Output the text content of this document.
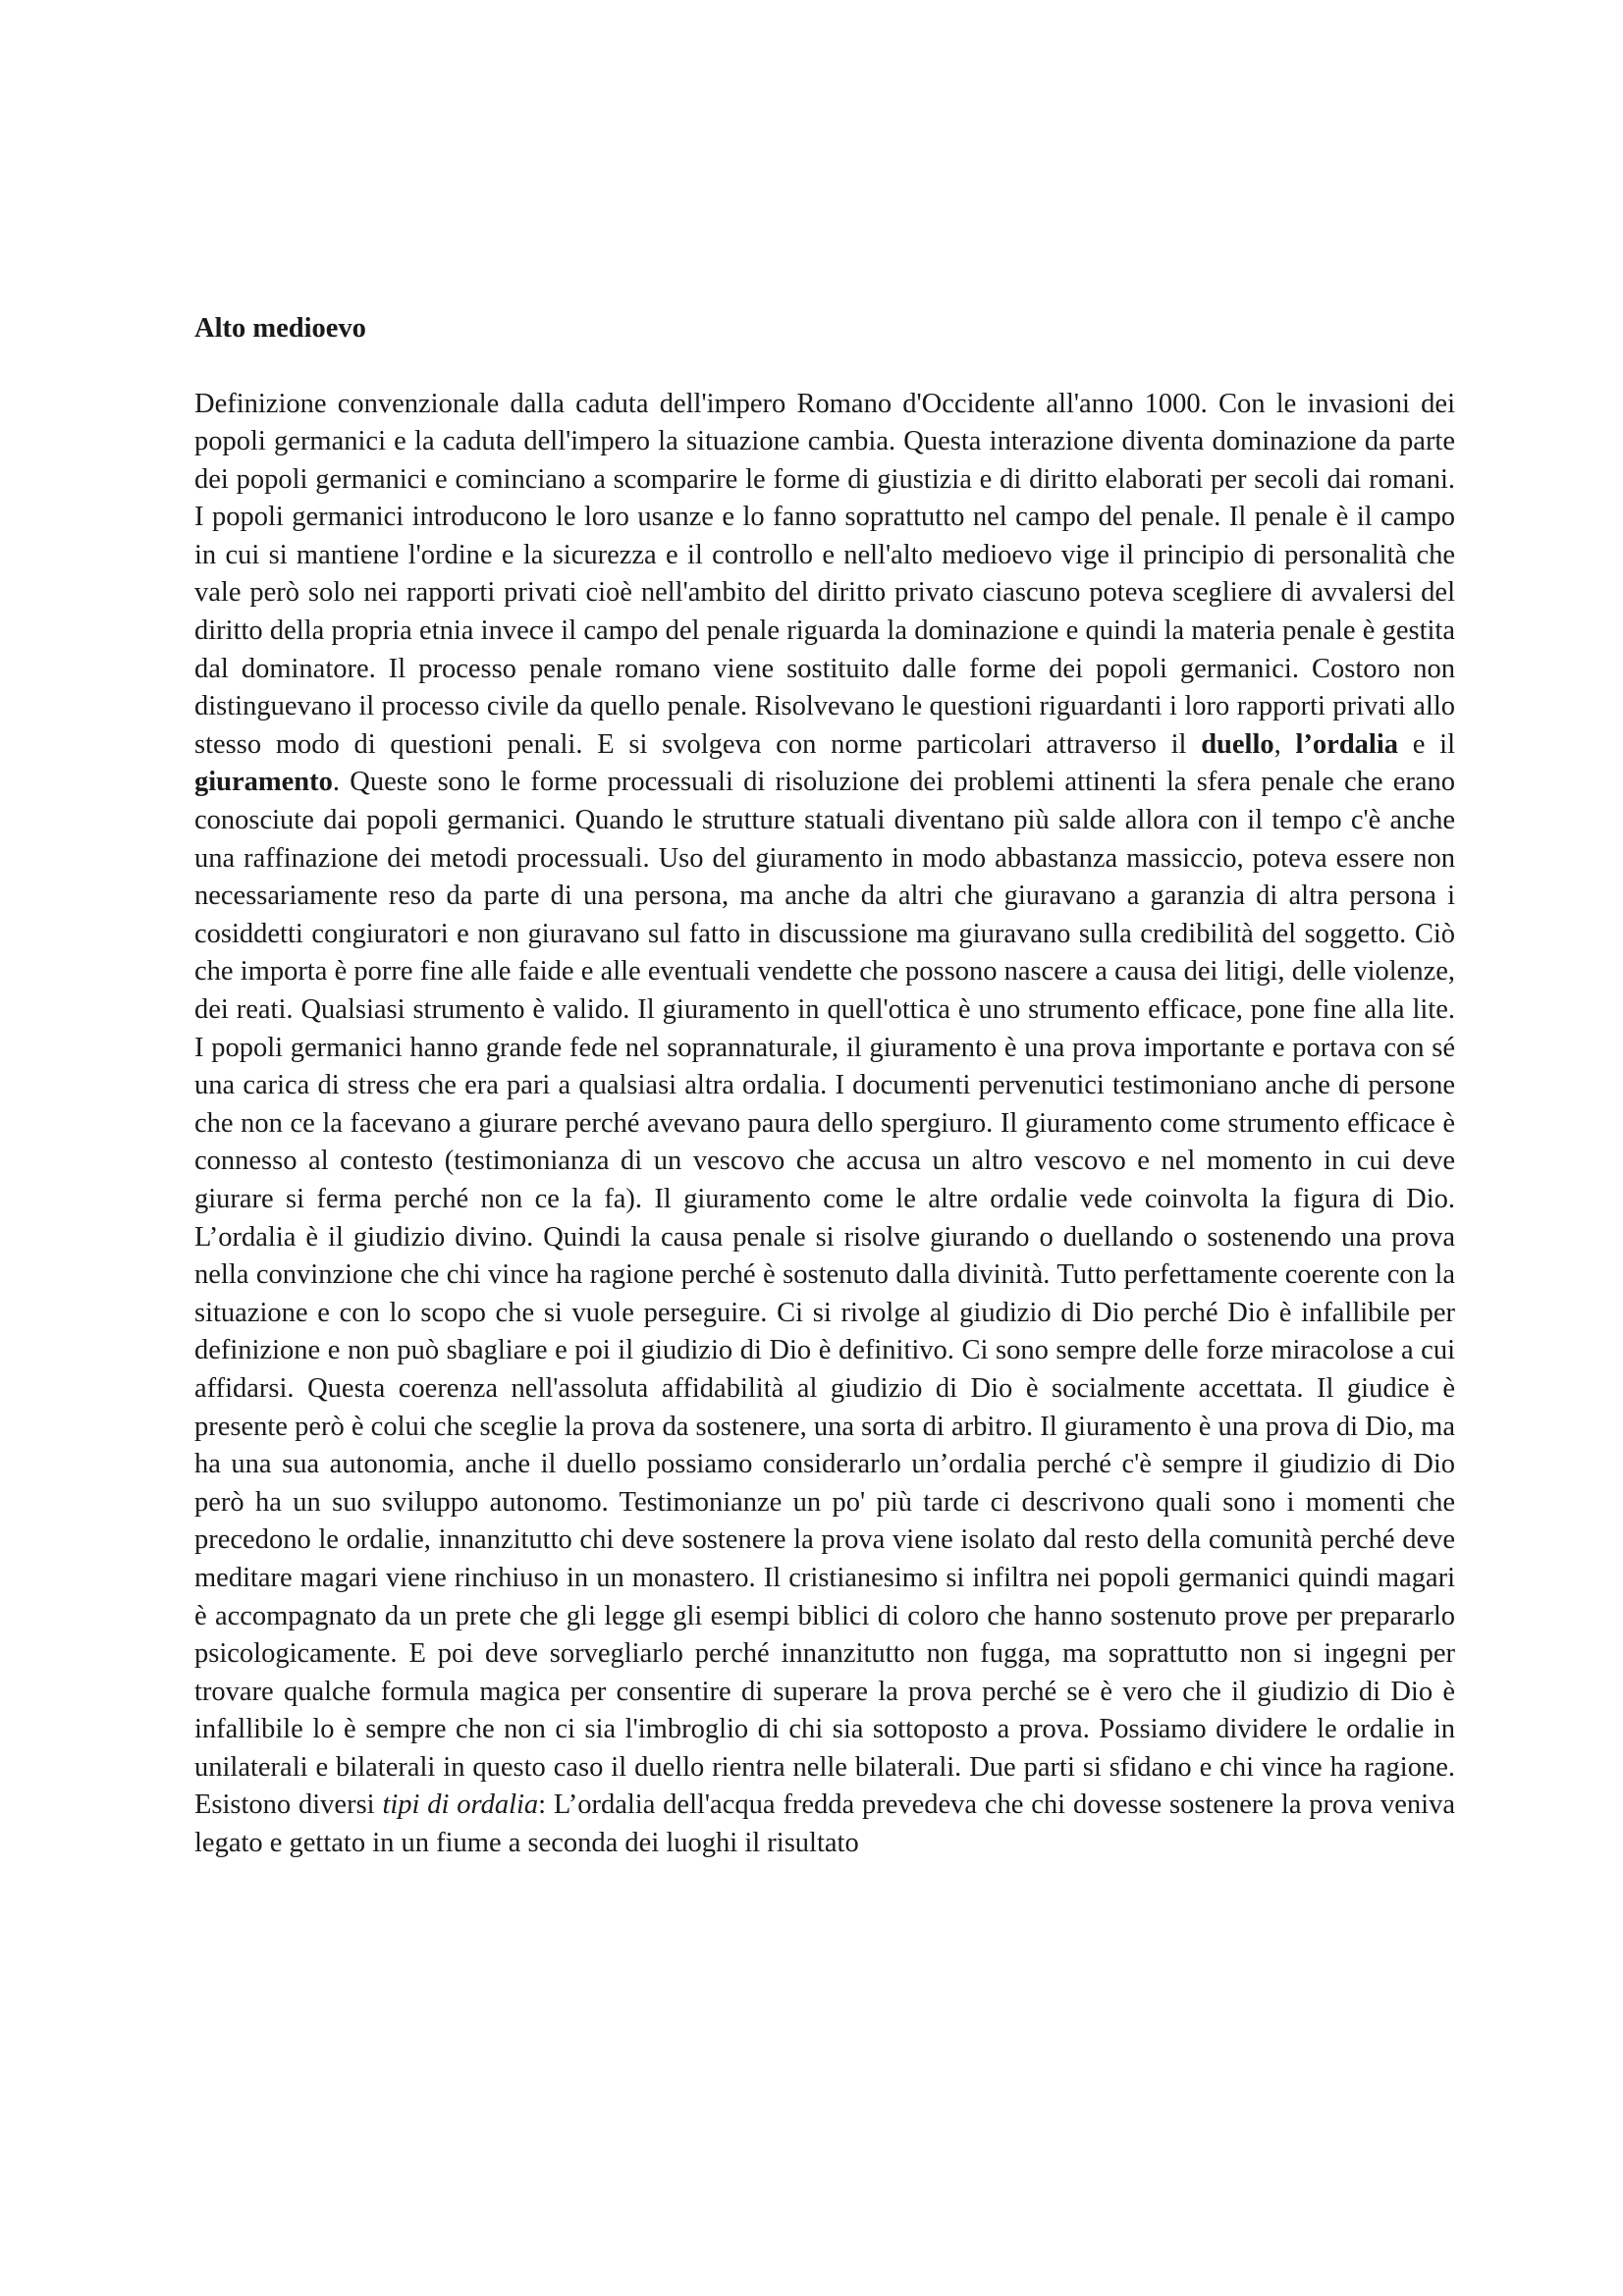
Alto medioevo

Definizione convenzionale dalla caduta dell'impero Romano d'Occidente all'anno 1000. Con le invasioni dei popoli germanici e la caduta dell'impero la situazione cambia. Questa interazione diventa dominazione da parte dei popoli germanici e cominciano a scomparire le forme di giustizia e di diritto elaborati per secoli dai romani. I popoli germanici introducono le loro usanze e lo fanno soprattutto nel campo del penale. Il penale è il campo in cui si mantiene l'ordine e la sicurezza e il controllo e nell'alto medioevo vige il principio di personalità che vale però solo nei rapporti privati cioè nell'ambito del diritto privato ciascuno poteva scegliere di avvalersi del diritto della propria etnia invece il campo del penale riguarda la dominazione e quindi la materia penale è gestita dal dominatore. Il processo penale romano viene sostituito dalle forme dei popoli germanici. Costoro non distinguevano il processo civile da quello penale. Risolvevano le questioni riguardanti i loro rapporti privati allo stesso modo di questioni penali. E si svolgeva con norme particolari attraverso il duello, l’ordalia e il giuramento. Queste sono le forme processuali di risoluzione dei problemi attinenti la sfera penale che erano conosciute dai popoli germanici. Quando le strutture statuali diventano più salde allora con il tempo c'è anche una raffinazione dei metodi processuali. Uso del giuramento in modo abbastanza massiccio, poteva essere non necessariamente reso da parte di una persona, ma anche da altri che giuravano a garanzia di altra persona i cosiddetti congiuratori e non giuravano sul fatto in discussione ma giuravano sulla credibilità del soggetto. Ciò che importa è porre fine alle faide e alle eventuali vendette che possono nascere a causa dei litigi, delle violenze, dei reati. Qualsiasi strumento è valido. Il giuramento in quell'ottica è uno strumento efficace, pone fine alla lite. I popoli germanici hanno grande fede nel soprannaturale, il giuramento è una prova importante e portava con sé una carica di stress che era pari a qualsiasi altra ordalia. I documenti pervenutici testimoniano anche di persone che non ce la facevano a giurare perché avevano paura dello spergiuro. Il giuramento come strumento efficace è connesso al contesto (testimonianza di un vescovo che accusa un altro vescovo e nel momento in cui deve giurare si ferma perché non ce la fa). Il giuramento come le altre ordalie vede coinvolta la figura di Dio. L’ordalia è il giudizio divino. Quindi la causa penale si risolve giurando o duellando o sostenendo una prova nella convinzione che chi vince ha ragione perché è sostenuto dalla divinità. Tutto perfettamente coerente con la situazione e con lo scopo che si vuole perseguire. Ci si rivolge al giudizio di Dio perché Dio è infallibile per definizione e non può sbagliare e poi il giudizio di Dio è definitivo. Ci sono sempre delle forze miracolose a cui affidarsi. Questa coerenza nell'assoluta affidabilità al giudizio di Dio è socialmente accettata. Il giudice è presente però è colui che sceglie la prova da sostenere, una sorta di arbitro. Il giuramento è una prova di Dio, ma ha una sua autonomia, anche il duello possiamo considerarlo un’ordalia perché c'è sempre il giudizio di Dio però ha un suo sviluppo autonomo. Testimonianze un po' più tarde ci descrivono quali sono i momenti che precedono le ordalie, innanzitutto chi deve sostenere la prova viene isolato dal resto della comunità perché deve meditare magari viene rinchiuso in un monastero. Il cristianesimo si infiltra nei popoli germanici quindi magari è accompagnato da un prete che gli legge gli esempi biblici di coloro che hanno sostenuto prove per prepararlo psicologicamente. E poi deve sorvegliarlo perché innanzitutto non fugga, ma soprattutto non si ingegni per trovare qualche formula magica per consentire di superare la prova perché se è vero che il giudizio di Dio è infallibile lo è sempre che non ci sia l'imbroglio di chi sia sottoposto a prova. Possiamo dividere le ordalie in unilaterali e bilaterali in questo caso il duello rientra nelle bilaterali. Due parti si sfidano e chi vince ha ragione. Esistono diversi tipi di ordalia: L’ordalia dell'acqua fredda prevedeva che chi dovesse sostenere la prova veniva legato e gettato in un fiume a seconda dei luoghi il risultato
